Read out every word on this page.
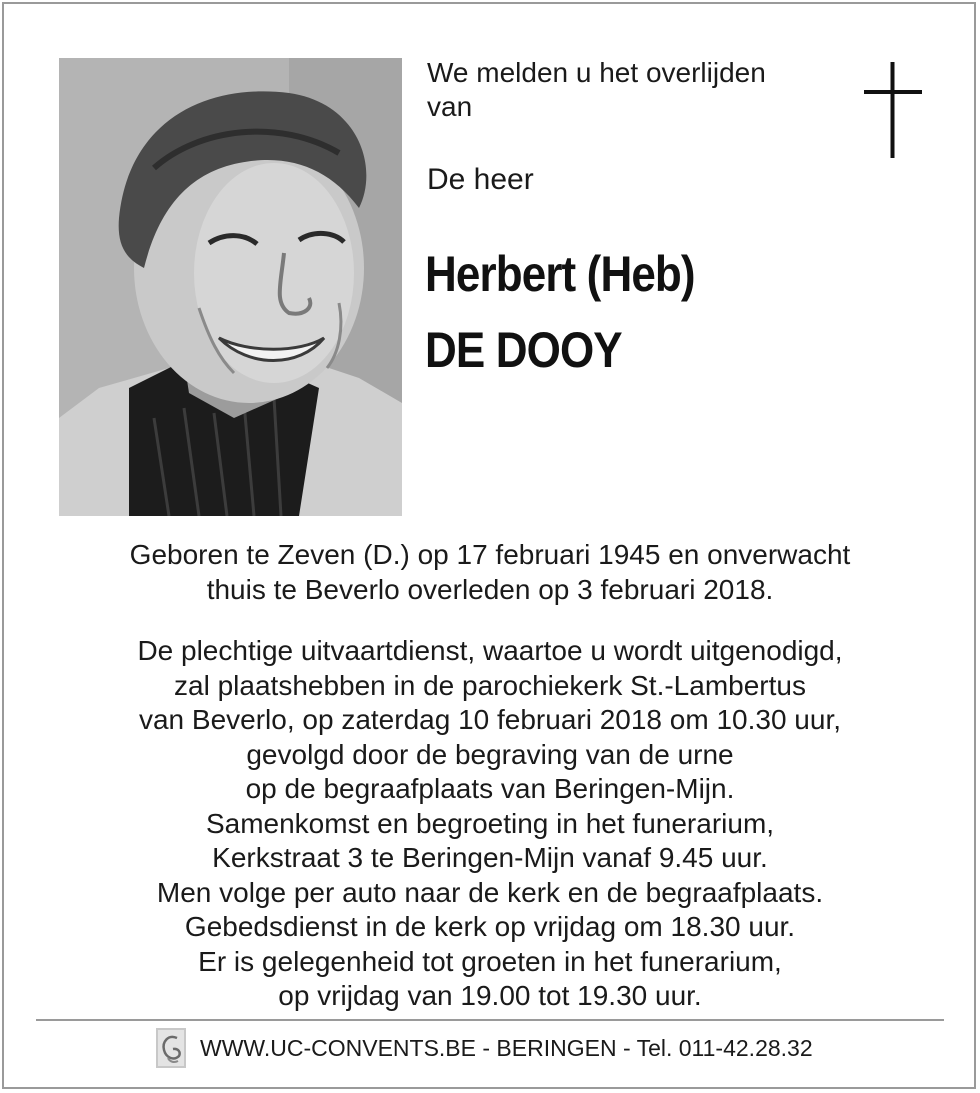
We melden u het overlijden
van
De heer
Herbert (Heb)
DE DOOY
Geboren te Zeven (D.) op 17 februari 1945 en onverwacht
thuis te Beverlo overleden op 3 februari 2018.
De plechtige uitvaartdienst, waartoe u wordt uitgenodigd,
zal plaatshebben in de parochiekerk St.-Lambertus
van Beverlo, op zaterdag 10 februari 2018 om 10.30 uur,
gevolgd door de begraving van de urne
op de begraafplaats van Beringen-Mijn.
Samenkomst en begroeting in het funerarium,
Kerkstraat 3 te Beringen-Mijn vanaf 9.45 uur.
Men volge per auto naar de kerk en de begraafplaats.
Gebedsdienst in de kerk op vrijdag om 18.30 uur.
Er is gelegenheid tot groeten in het funerarium,
op vrijdag van 19.00 tot 19.30 uur.
WWW.UC-CONVENTS.BE - BERINGEN - Tel. 011-42.28.32
